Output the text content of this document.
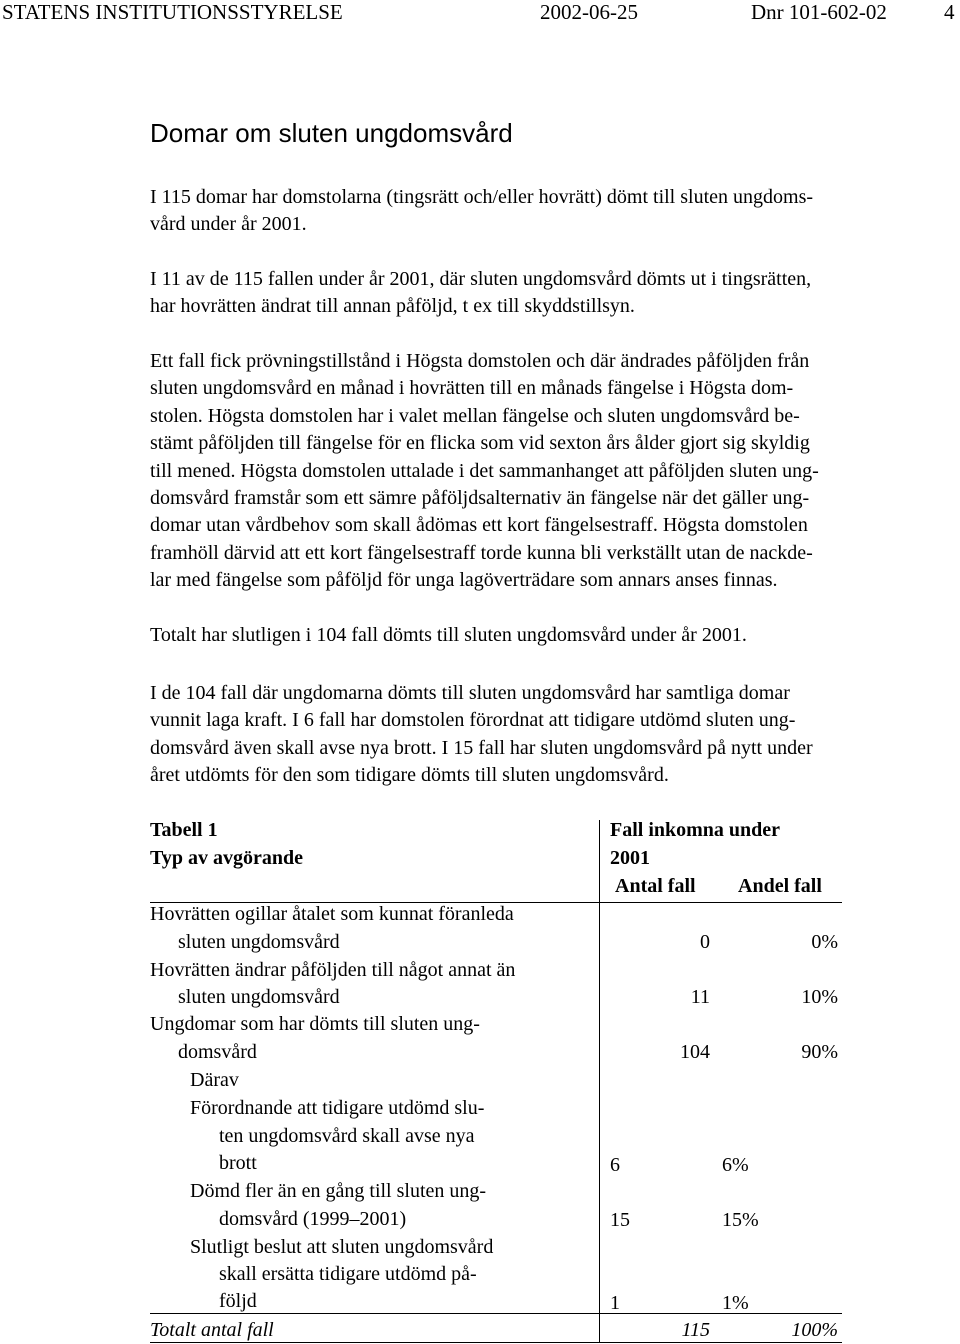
STATENS INSTITUTIONSSTYRELSE	2002-06-25	Dnr 101-602-02	4
Domar om sluten ungdomsvård
I 115 domar har domstolarna (tingsrätt och/eller hovrätt) dömt till sluten ungdoms-
vård under år 2001.
I 11 av de 115 fallen under år 2001, där sluten ungdomsvård dömts ut i tingsrätten,
har hovrätten ändrat till annan påföljd, t ex till skyddstillsyn.
Ett fall fick prövningstillstånd i Högsta domstolen och där ändrades påföljden från
sluten ungdomsvård en månad i hovrätten till en månads fängelse i Högsta dom-
stolen. Högsta domstolen har i valet mellan fängelse och sluten ungdomsvård be-
stämt påföljden till fängelse för en flicka som vid sexton års ålder gjort sig skyldig
till mened. Högsta domstolen uttalade i det sammanhanget att påföljden sluten ung-
domsvård framstår som ett sämre påföljdsalternativ än fängelse när det gäller ung-
domar utan vårdbehov som skall ådömas ett kort fängelsestraff. Högsta domstolen
framhöll därvid att ett kort fängelsestraff torde kunna bli verkställt utan de nackde-
lar med fängelse som påföljd för unga lagöverträdare som annars anses finnas.
Totalt har slutligen i 104 fall dömts till sluten ungdomsvård under år 2001.
I de 104 fall där ungdomarna dömts till sluten ungdomsvård har samtliga domar
vunnit laga kraft. I 6 fall har domstolen förordnat att tidigare utdömd sluten ung-
domsvård även skall avse nya brott. I 15 fall har sluten ungdomsvård på nytt under
året utdömts för den som tidigare dömts till sluten ungdomsvård.
Tabell 1
Typ av avgörande
Fall inkomna under
2001
Antal fall Andel fall
Hovrätten ogillar åtalet som kunnat föranleda
sluten ungdomsvård	0	0%
Hovrätten ändrar påföljden till något annat än
sluten ungdomsvård	11	10%
Ungdomar som har dömts till sluten ung-
domsvård	104	90%
Därav
Förordnande att tidigare utdömd slu-
ten ungdomsvård skall avse nya
brott	6	6%
Dömd fler än en gång till sluten ung-
domsvård (1999–2001)	15	15%
Slutligt beslut att sluten ungdomsvård
skall ersätta tidigare utdömd på-
följd	1	1%
Totalt antal fall	115	100%
